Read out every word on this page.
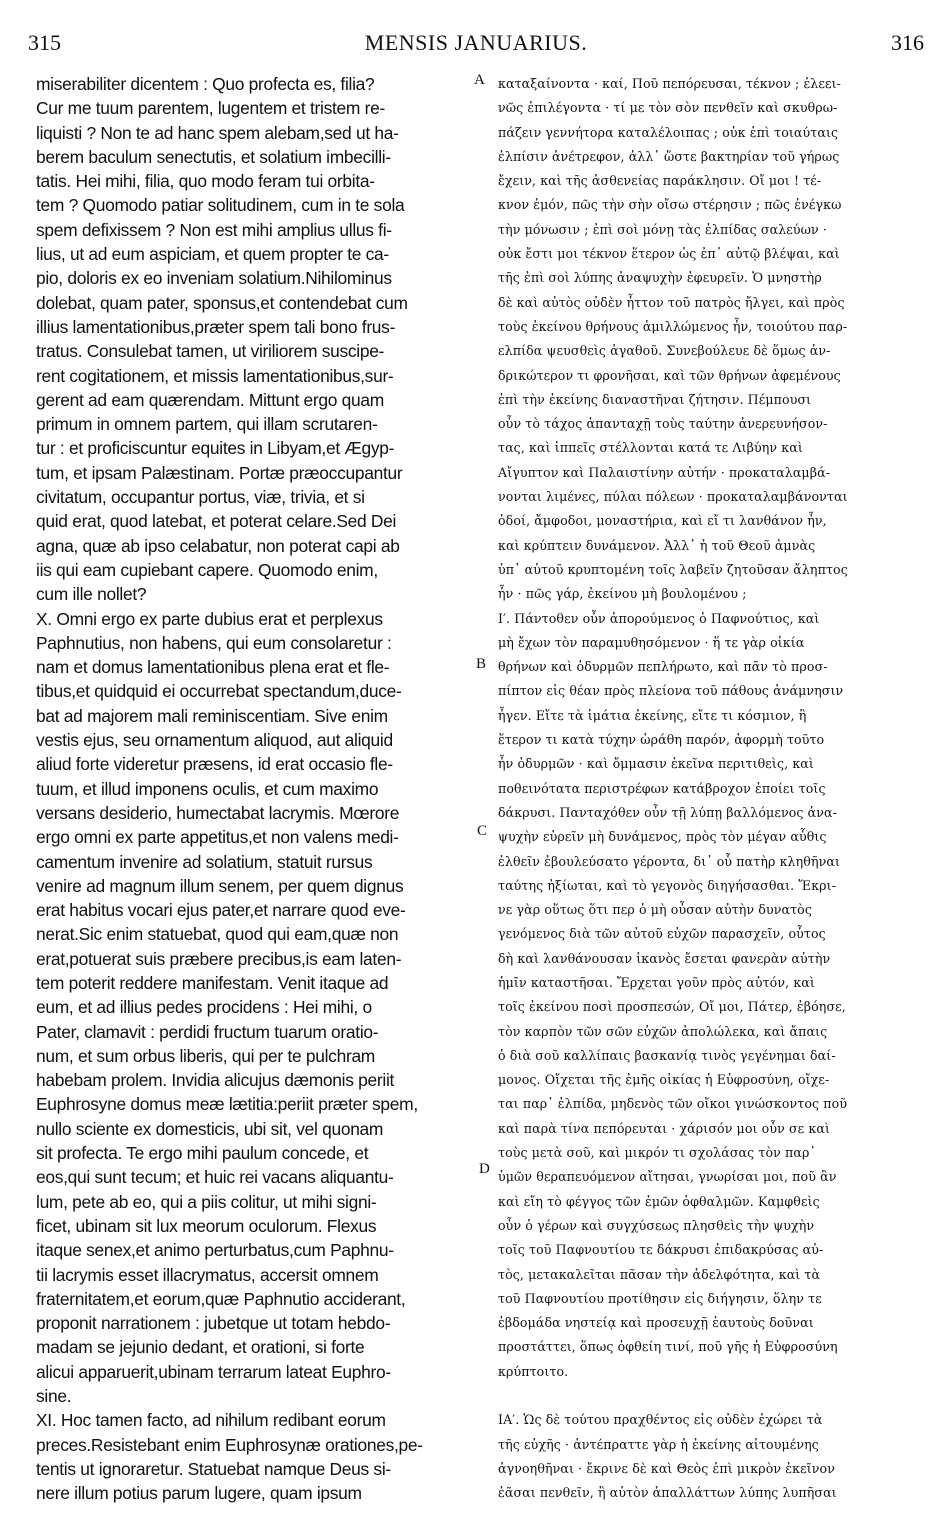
315	MENSIS JANUARIUS.	316
miserabiliter dicentem : Quo profecta es, filia?
Cur me tuum parentem, lugentem et tristem re-
liquisti ? Non te ad hanc spem alebam,sed ut ha-
berem baculum senectutis, et solatium imbecilli-
tatis. Hei mihi, filia, quo modo feram tui orbita-
tem ? Quomodo patiar solitudinem, cum in te sola
spem defixissem ? Non est mihi amplius ullus fi-
lius, ut ad eum aspiciam, et quem propter te ca-
pio, doloris ex eo inveniam solatium.Nihilominus
dolebat, quam pater, sponsus,et contendebat cum
illius lamentationibus,præter spem tali bono frus-
tratus. Consulebat tamen, ut viriliorem suscipe-
rent cogitationem, et missis lamentationibus,sur-
gerent ad eam quærendam. Mittunt ergo quam
primum in omnem partem, qui illam scrutaren-
tur : et proficiscuntur equites in Libyam,et Ægyp-
tum, et ipsam Palæstinam. Portæ præoccupantur
civitatum, occupantur portus, viæ, trivia, et si
quid erat, quod latebat, et poterat celare.Sed Dei
agna, quæ ab ipso celabatur, non poterat capi ab
iis qui eam cupiebant capere. Quomodo enim,
cum ille nollet?
X. Omni ergo ex parte dubius erat et perplexus
Paphnutius, non habens, qui eum consolaretur :
nam et domus lamentationibus plena erat et fle-
tibus,et quidquid ei occurrebat spectandum,duce-
bat ad majorem mali reminiscentiam. Sive enim
vestis ejus, seu ornamentum aliquod, aut aliquid
aliud forte videretur præsens, id erat occasio fle-
tuum, et illud imponens oculis, et cum maximo
versans desiderio, humectabat lacrymis. Mœrore
ergo omni ex parte appetitus,et non valens medi-
camentum invenire ad solatium, statuit rursus
venire ad magnum illum senem, per quem dignus
erat habitus vocari ejus pater,et narrare quod eve-
nerat.Sic enim statuebat, quod qui eam,quæ non
erat,potuerat suis præbere precibus,is eam laten-
tem poterit reddere manifestam. Venit itaque ad
eum, et ad illius pedes procidens : Hei mihi, o
Pater, clamavit : perdidi fructum tuarum oratio-
num, et sum orbus liberis, qui per te pulchram
habebam prolem. Invidia alicujus dæmonis periit
Euphrosyne domus meæ lætitia:periit præter spem,
nullo sciente ex domesticis, ubi sit, vel quonam
sit profecta. Te ergo mihi paulum concede, et
eos,qui sunt tecum; et huic rei vacans aliquantu-
lum, pete ab eo, qui a piis colitur, ut mihi signi-
ficet, ubinam sit lux meorum oculorum. Flexus
itaque senex,et animo perturbatus,cum Paphnu-
tii lacrymis esset illacrymatus, accersit omnem
fraternitatem,et eorum,quæ Paphnutio acciderant,
proponit narrationem : jubetque ut totam hebdo-
madam se jejunio dedant, et orationi, si forte
alicui apparuerit,ubinam terrarum lateat Euphro-
sine.
XI. Hoc tamen facto, ad nihilum redibant eorum
preces.Resistebant enim Euphrosynæ orationes,pe-
tentis ut ignoraretur. Statuebat namque Deus si-
nere illum potius parum lugere, quam ipsum
καταξαίνοντα · καί, Ποῦ πεπόρευσαι, τέκνον ; ἐλεει-
νῶς ἐπιλέγοντα · τί με τὸν σὸν πενθεῖν καὶ σκυθρω-
πάζειν γεννήτορα καταλέλοιπας ; οὐκ ἐπὶ τοιαύταις
ἐλπίσιν ἀνέτρεφον, ἀλλ᾽ ὥστε βακτηρίαν τοῦ γήρως
ἔχειν, καὶ τῆς ἀσθενείας παράκλησιν. Οἴ μοι ! τέ-
κνον ἐμόν, πῶς τὴν σὴν οἴσω στέρησιν ; πῶς ἐνέγκω
τὴν μόνωσιν ; ἐπὶ σοὶ μόνῃ τὰς ἐλπίδας σαλεύων ·
οὐκ ἔστι μοι τέκνον ἕτερον ὡς ἐπ᾽ αὐτῷ βλέψαι, καὶ
τῆς ἐπὶ σοὶ λύπης ἀναψυχὴν ἐφευρεῖν. Ὁ μνηστὴρ
δὲ καὶ αὐτὸς οὐδὲν ἧττον τοῦ πατρὸς ἤλγει, καὶ πρὸς
τοὺς ἐκείνου θρήνους ἁμιλλώμενος ἦν, τοιούτου παρ-
ελπίδα ψευσθεὶς ἀγαθοῦ. Συνεβούλευε δὲ ὅμως ἀν-
δρικώτερον τι φρονῆσαι, καὶ τῶν θρήνων ἀφεμένους
ἐπὶ τὴν ἐκείνης διαναστῆναι ζήτησιν. Πέμπουσι
οὖν τὸ τάχος ἁπανταχῇ τοὺς ταύτην ἀνερευνήσον-
τας, καὶ ἱππεῖς στέλλονται κατά τε Λιβύην καὶ
Αἴγυπτον καὶ Παλαιστίνην αὐτήν · προκαταλαμβά-
νονται λιμένες, πύλαι πόλεων · προκαταλαμβάνονται
ὁδοί, ἄμφοδοι, μοναστήρια, καὶ εἴ τι λανθάνον ἦν,
καὶ κρύπτειν δυνάμενον. Ἀλλ᾽ ἡ τοῦ Θεοῦ ἀμνὰς
ὑπ᾽ αὐτοῦ κρυπτομένη τοῖς λαβεῖν ζητοῦσαν ἄληπτος
ἦν · πῶς γάρ, ἐκείνου μὴ βουλομένου ;
Ι′. Πάντοθεν οὖν ἀπορούμενος ὁ Παφνούτιος, καὶ
μὴ ἔχων τὸν παραμυθησόμενον · ἥ τε γὰρ οἰκία
θρήνων καὶ ὀδυρμῶν πεπλήρωτο, καὶ πᾶν τὸ προσ-
πίπτον εἰς θέαν πρὸς πλείονα τοῦ πάθους ἀνάμνησιν
ἦγεν. Εἴτε τὰ ἱμάτια ἐκείνης, εἴτε τι κόσμιον, ἢ
ἕτερον τι κατὰ τύχην ὡράθη παρόν, ἀφορμὴ τοῦτο
ἦν ὀδυρμῶν · καὶ ὄμμασιν ἐκεῖνα περιτιθεὶς, καὶ
ποθεινότατα περιστρέφων κατάβροχον ἐποίει τοῖς
δάκρυσι. Πανταχόθεν οὖν τῇ λύπῃ βαλλόμενος ἀνα-
ψυχὴν εὑρεῖν μὴ δυνάμενος, πρὸς τὸν μέγαν αὖθις
ἐλθεῖν ἐβουλεύσατο γέροντα, δι᾽ οὗ πατὴρ κληθῆναι
ταύτης ἠξίωται, καὶ τὸ γεγονὸς διηγήσασθαι. Ἔκρι-
νε γὰρ οὕτως ὅτι περ ὁ μὴ οὖσαν αὐτὴν δυνατὸς
γενόμενος διὰ τῶν αὐτοῦ εὐχῶν παρασχεῖν, οὗτος
δὴ καὶ λανθάνουσαν ἱκανὸς ἔσεται φανερὰν αὐτὴν
ἡμῖν καταστῆσαι. Ἔρχεται γοῦν πρὸς αὐτόν, καὶ
τοῖς ἐκείνου ποσὶ προσπεσών, Οἴ μοι, Πάτερ, ἐβόησε,
τὸν καρπὸν τῶν σῶν εὐχῶν ἀπολώλεκα, καὶ ἄπαις
ὁ διὰ σοῦ καλλίπαις βασκανίᾳ τινὸς γεγένημαι δαί-
μονος. Οἴχεται τῆς ἐμῆς οἰκίας ἡ Εὐφροσύνη, οἴχε-
ται παρ᾽ ἐλπίδα, μηδενὸς τῶν οἴκοι γινώσκοντος ποῦ
καὶ παρὰ τίνα πεπόρευται · χάρισόν μοι οὖν σε καὶ
τοὺς μετὰ σοῦ, καὶ μικρόν τι σχολάσας τὸν παρ᾽
ὑμῶν θεραπευόμενον αἴτησαι, γνωρίσαι μοι, ποῦ ἂν
καὶ εἴη τὸ φέγγος τῶν ἐμῶν ὀφθαλμῶν. Καμφθεὶς
οὖν ὁ γέρων καὶ συγχύσεως πλησθεὶς τὴν ψυχὴν
τοῖς τοῦ Παφνουτίου τε δάκρυσι ἐπιδακρύσας αὐ-
τὸς, μετακαλεῖται πᾶσαν τὴν ἀδελφότητα, καὶ τὰ
τοῦ Παφνουτίου προτίθησιν εἰς διήγησιν, ὅλην τε
ἑβδομάδα νηστείᾳ καὶ προσευχῇ ἑαυτοὺς δοῦναι
προστάττει, ὅπως ὀφθείη τινί, ποῦ γῆς ἡ Εὐφροσύνη
κρύπτοιτο.
ΙΑ′. Ὡς δὲ τούτου πραχθέντος εἰς οὐδὲν ἐχώρει τὰ
τῆς εὐχῆς · ἀντέπραττε γὰρ ἡ ἐκείνης αἰτουμένης
ἀγνοηθῆναι · ἔκρινε δὲ καὶ Θεὸς ἐπὶ μικρὸν ἐκεῖνον
ἐᾶσαι πενθεῖν, ἢ αὐτὸν ἀπαλλάττων λύπης λυπῆσαι
A
B
C
D
